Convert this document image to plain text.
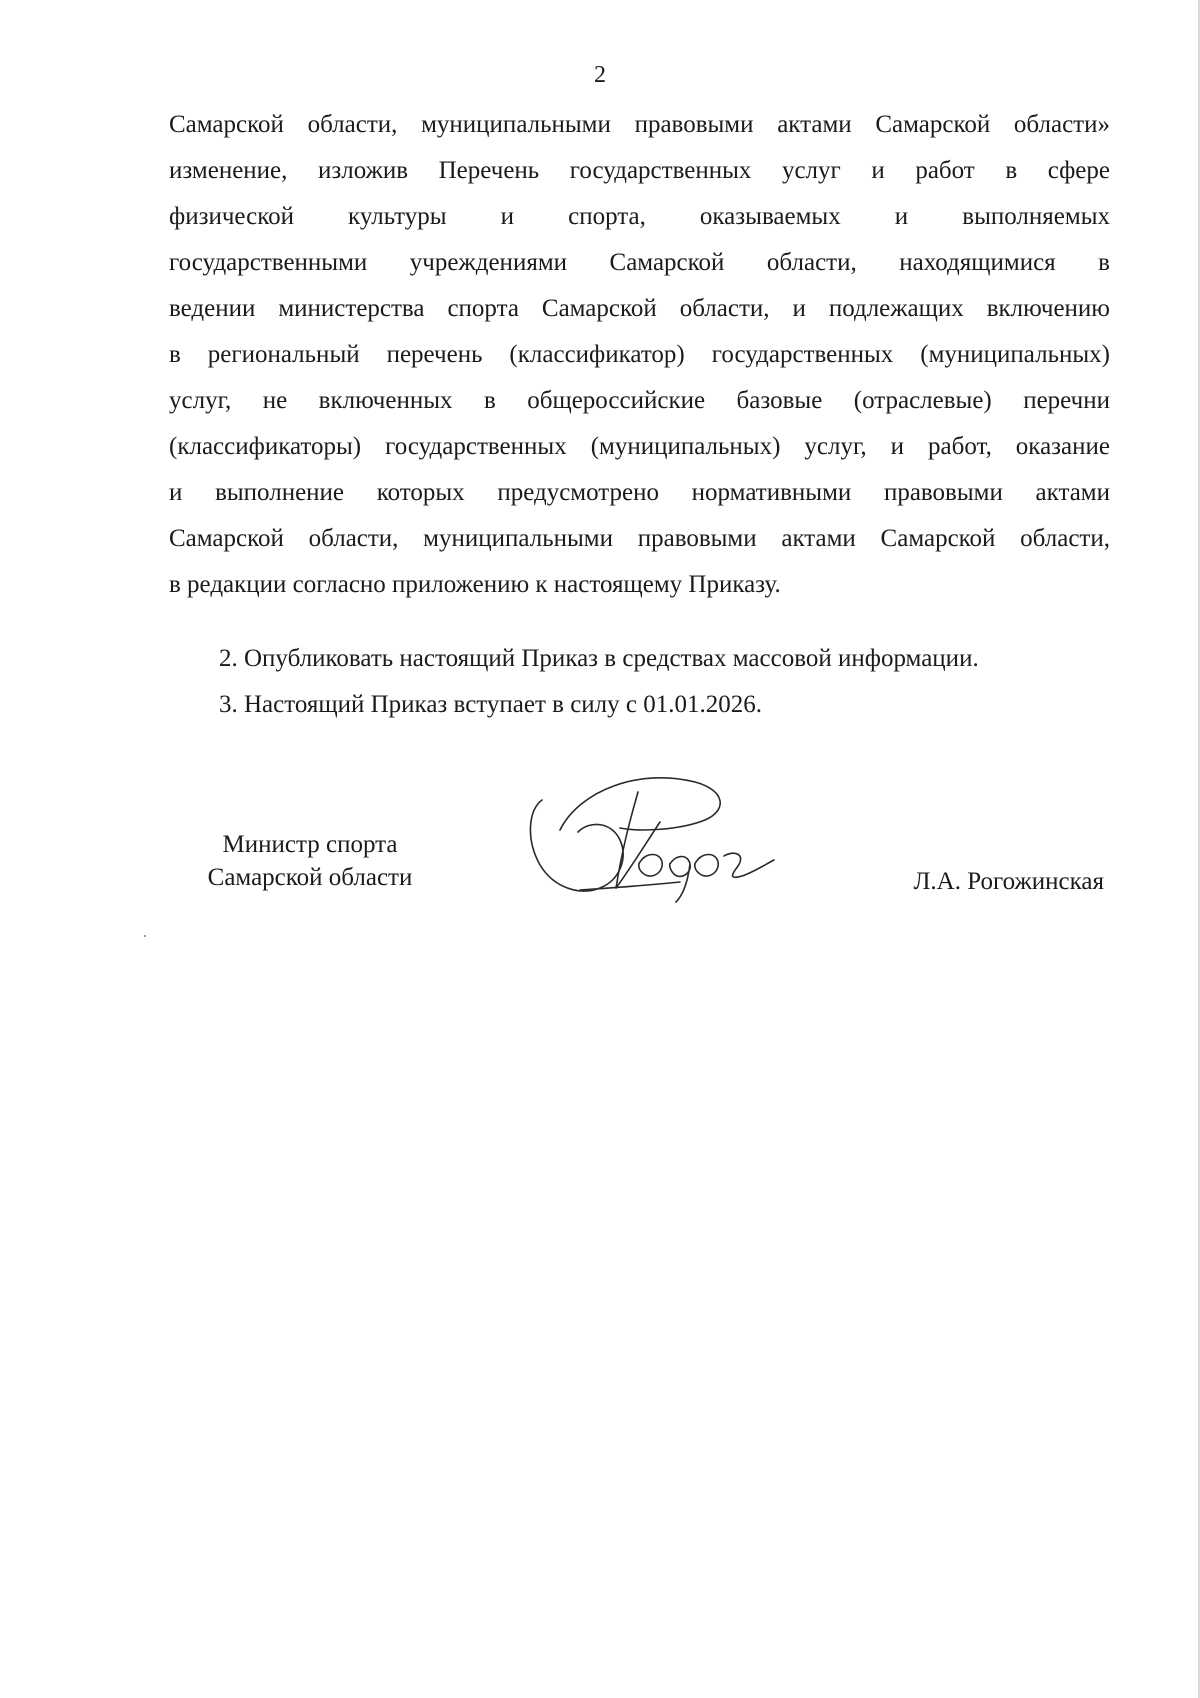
2
Самарской области, муниципальными правовыми актами Самарской области»
изменение, изложив Перечень государственных услуг и работ в сфере
физической культуры и спорта, оказываемых и выполняемых
государственными учреждениями Самарской области, находящимися в
ведении министерства спорта Самарской области, и подлежащих включению
в региональный перечень (классификатор) государственных (муниципальных)
услуг, не включенных в общероссийские базовые (отраслевые) перечни
(классификаторы) государственных (муниципальных) услуг, и работ, оказание
и выполнение которых предусмотрено нормативными правовыми актами
Самарской области, муниципальными правовыми актами Самарской области,
в редакции согласно приложению к настоящему Приказу.
2. Опубликовать настоящий Приказ в средствах массовой информации.
3. Настоящий Приказ вступает в силу с 01.01.2026.
Министр спорта
Самарской области	Л.А. Рогожинская
